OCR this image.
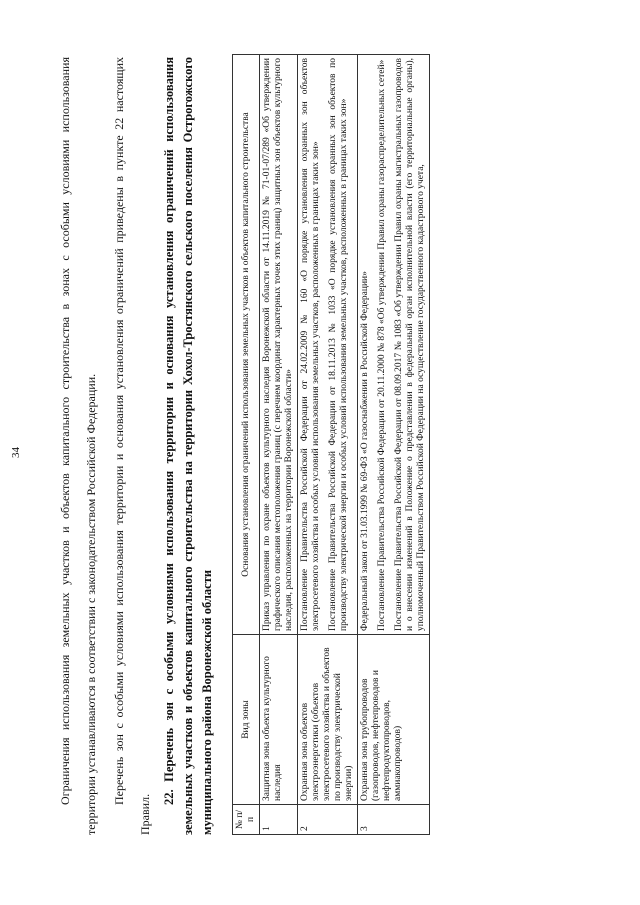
34	Ограничения использования земельных участков и объектов капитального строительства в зонах с особыми условиями использования территории устанавливаются в соответствии с законодательством Российской Федерации.	Перечень зон с особыми условиями использования территории и основания установления ограничений приведены в пункте 22 настоящих Правил.

22. Перечень зон с особыми условиями использования территории и основания установления ограничений использования земельных участков и объектов капитального строительства на территории Хохол-Тростянского сельского поселения Острогожского муниципального района Воронежской области	№ п/п	Вид зоны	Основания установления ограничений использования земельных участков и объектов капитального строительства
1	Защитная зона объекта культурного наследия	Приказ управления по охране объектов культурного наследия Воронежской области от 14.11.2019 № 71-01-07/289 «Об утверждении графического описания местоположения границ (с перечнем координат характерных точек этих границ) защитных зон объектов культурного наследия, расположенных на территории Воронежской области»

2	Охранная зона объектов электроэнергетики (объектов электросетевого хозяйства и объектов по производству электрической энергии)	Постановление Правительства Российской Федерации от 24.02.2009 № 160 «О порядке установления охранных зон объектов электросетевого хозяйства и особых условий использования земельных участков, расположенных в границах таких зон» Постановление Правительства Российской Федерации от 18.11.2013 № 1033 «О порядке установления охранных зон объектов по производству электрической энергии и особых условий использования земельных участков, расположенных в границах таких зон»

3	Охранная зона трубопроводов (газопроводов, нефтепроводов и нефтепродуктопроводов, аммиакопроводов)	Федеральный закон от 31.03.1999 № 69-ФЗ «О газоснабжении в Российской Федерации» Постановление Правительства Российской Федерации от 20.11.2000 № 878 «Об утверждении Правил охраны газораспределительных сетей» Постановление Правительства Российской Федерации от 08.09.2017 № 1083 «Об утверждении Правил охраны магистральных газопроводов и о внесении изменений в Положение о представлении в федеральный орган исполнительной власти (его территориальные органы), уполномоченный Правительством Российской Федерации на осуществление государственного кадастрового учета,
